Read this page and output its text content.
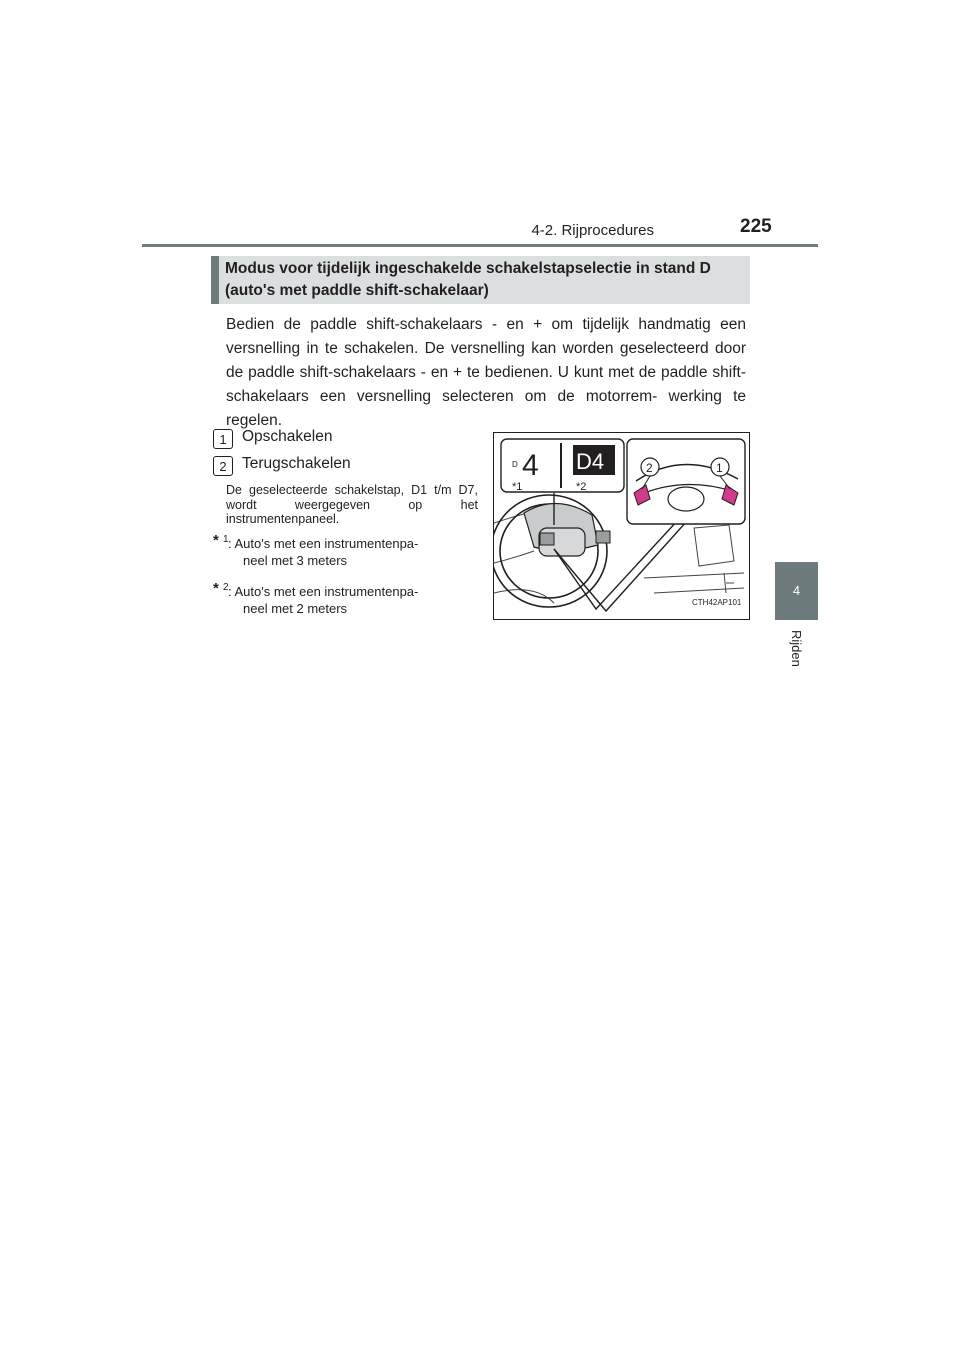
4-2. Rijprocedures	225
4
Rijden
Modus voor tijdelijk ingeschakelde schakelstapselectie in stand D (auto's met paddle shift-schakelaar)
Bedien de paddle shift-schakelaars - en + om tijdelijk handmatig een versnelling in te schakelen. De versnelling kan worden geselecteerd door de paddle shift-schakelaars - en + te bedienen. U kunt met de paddle shift-schakelaars een versnelling selecteren om de motorrem- werking te regelen.
1 Opschakelen
2 Terugschakelen
De geselecteerde schakelstap, D1 t/m D7, wordt weergegeven op het instrumentenpaneel.
* 1 : Auto's met een instrumentenpa-
neel met 3 meters
* 2 : Auto's met een instrumentenpa-
neel met 2 meters
D 4 D4
*1	*2
2	1
CTH42AP101
